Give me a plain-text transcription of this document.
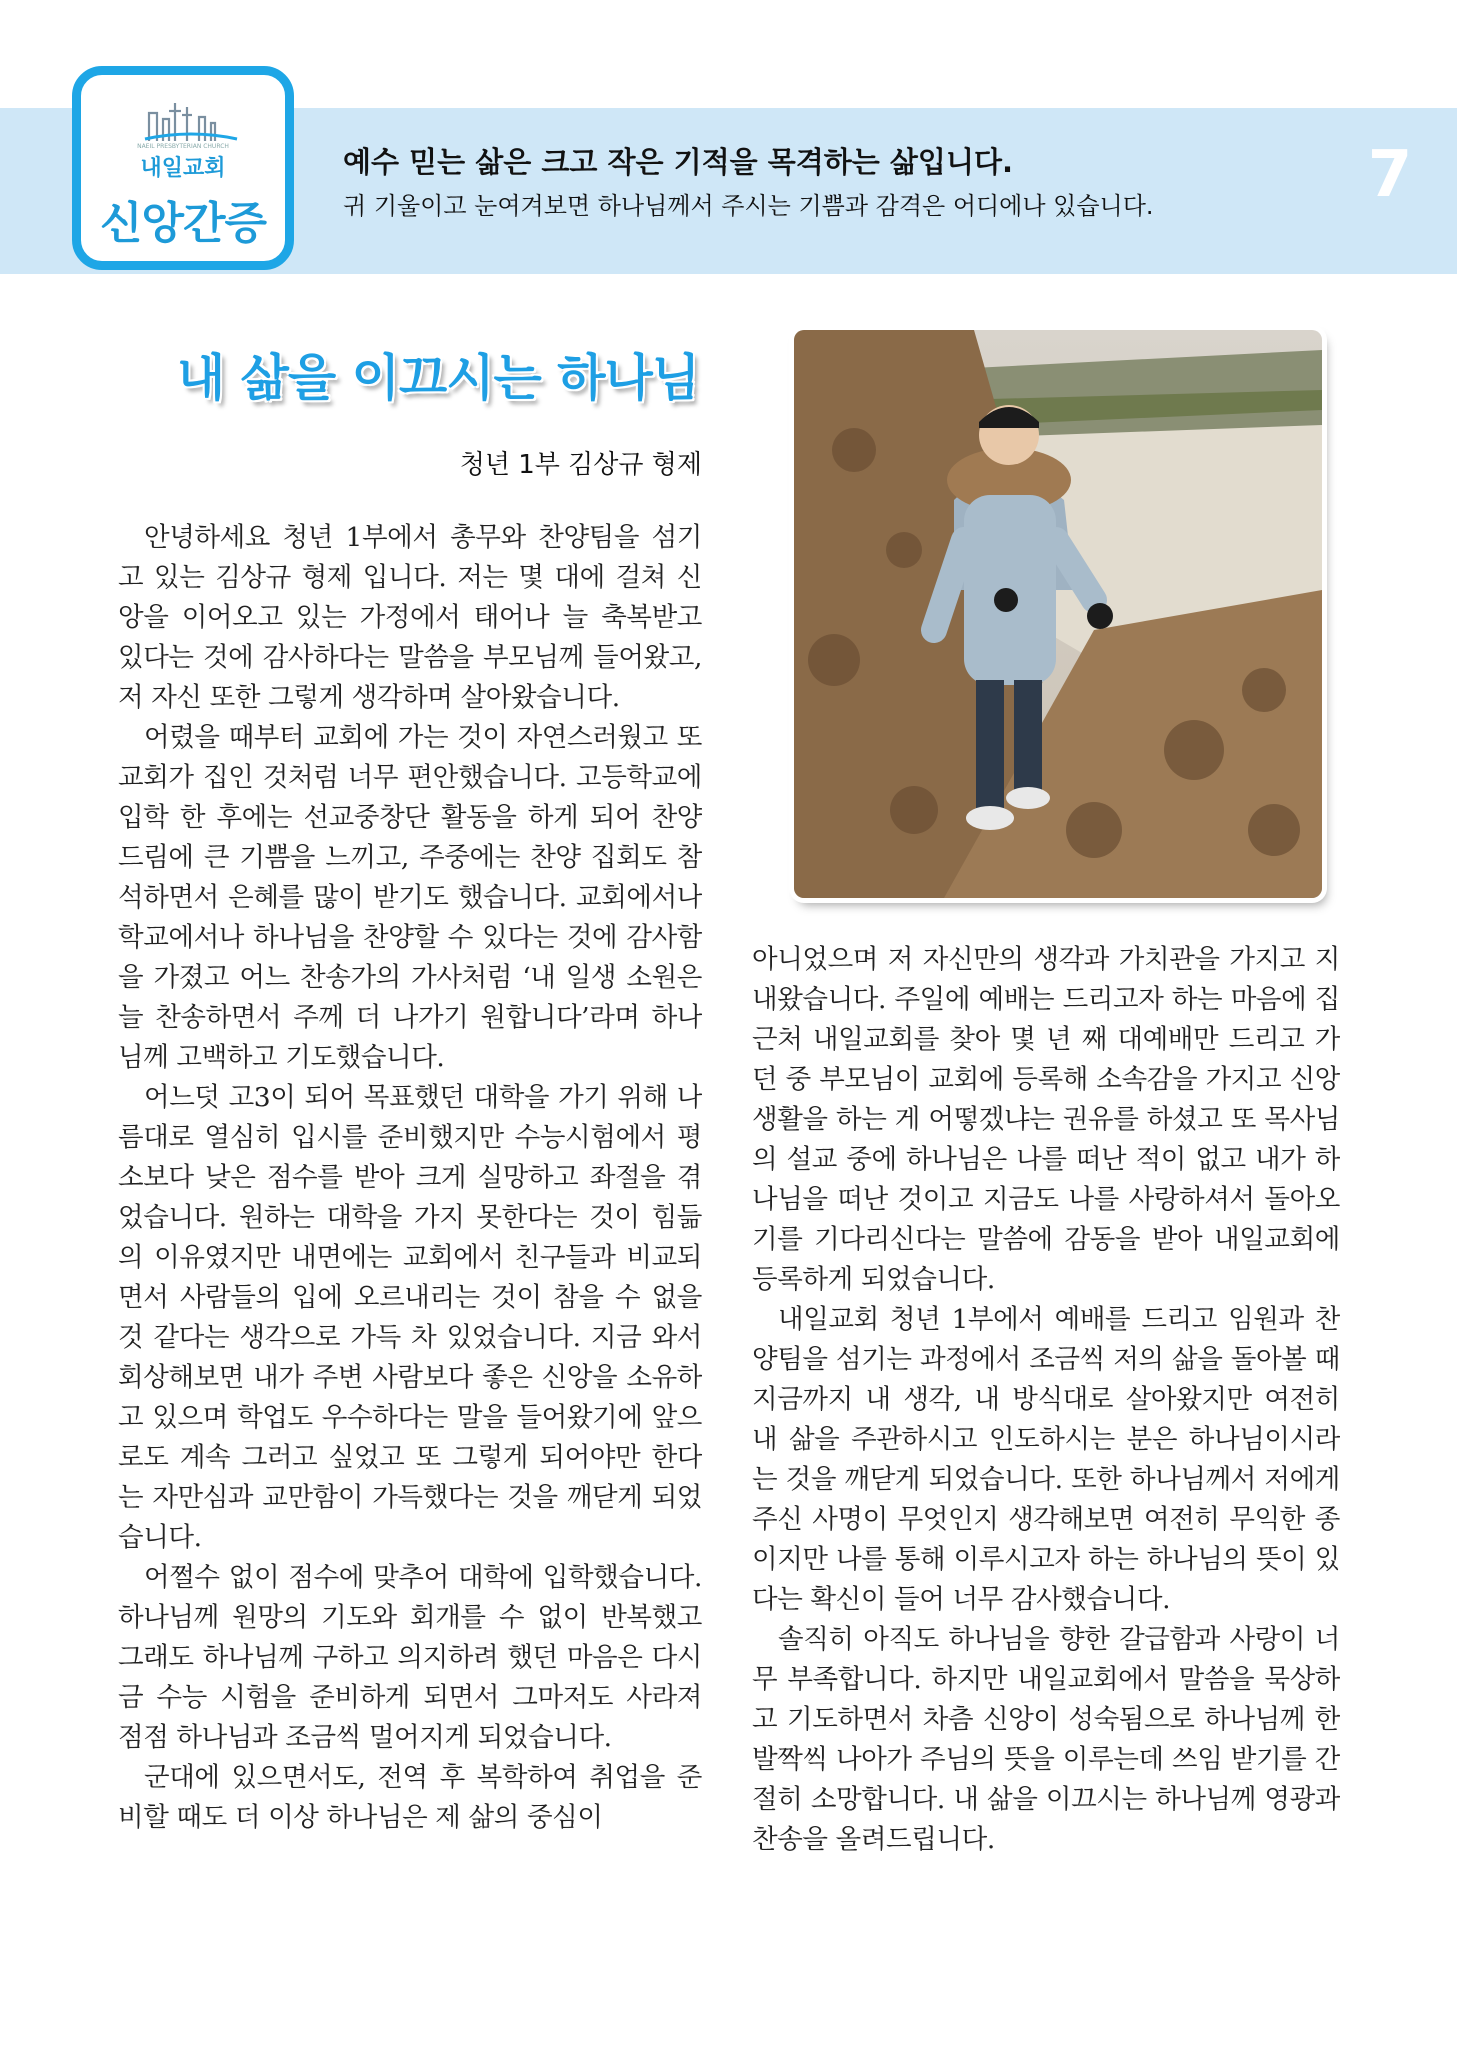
NAEIL PRESBYTERIAN CHURCH
내일교회
신앙간증
예수 믿는 삶은 크고 작은 기적을 목격하는 삶입니다.
귀 기울이고 눈여겨보면 하나님께서 주시는 기쁨과 감격은 어디에나 있습니다.	7
내 삶을 이끄시는 하나님
청년 1부 김상규 형제

안녕하세요 청년 1부에서 총무와 찬양팀을 섬기고 있는 김상규 형제 입니다. 저는 몇 대에 걸쳐 신앙을 이어오고 있는 가정에서 태어나 늘 축복받고 있다는 것에 감사하다는 말씀을 부모님께 들어왔고, 저 자신 또한 그렇게 생각하며 살아왔습니다.

어렸을 때부터 교회에 가는 것이 자연스러웠고 또 교회가 집인 것처럼 너무 편안했습니다. 고등학교에 입학 한 후에는 선교중창단 활동을 하게 되어 찬양 드림에 큰 기쁨을 느끼고, 주중에는 찬양 집회도 참석하면서 은혜를 많이 받기도 했습니다. 교회에서나 학교에서나 하나님을 찬양할 수 있다는 것에 감사함을 가졌고 어느 찬송가의 가사처럼 ‘내 일생 소원은 늘 찬송하면서 주께 더 나가기 원합니다’라며 하나님께 고백하고 기도했습니다.

어느덧 고3이 되어 목표했던 대학을 가기 위해 나름대로 열심히 입시를 준비했지만 수능시험에서 평소보다 낮은 점수를 받아 크게 실망하고 좌절을 겪었습니다. 원하는 대학을 가지 못한다는 것이 힘듦의 이유였지만 내면에는 교회에서 친구들과 비교되면서 사람들의 입에 오르내리는 것이 참을 수 없을 것 같다는 생각으로 가득 차 있었습니다. 지금 와서 회상해보면 내가 주변 사람보다 좋은 신앙을 소유하고 있으며 학업도 우수하다는 말을 들어왔기에 앞으로도 계속 그러고 싶었고 또 그렇게 되어야만 한다는 자만심과 교만함이 가득했다는 것을 깨닫게 되었습니다.

어쩔수 없이 점수에 맞추어 대학에 입학했습니다. 하나님께 원망의 기도와 회개를 수 없이 반복했고 그래도 하나님께 구하고 의지하려 했던 마음은 다시금 수능 시험을 준비하게 되면서 그마저도 사라져 점점 하나님과 조금씩 멀어지게 되었습니다.

군대에 있으면서도, 전역 후 복학하여 취업을 준비할 때도 더 이상 하나님은 제 삶의 중심이

아니었으며 저 자신만의 생각과 가치관을 가지고 지내왔습니다. 주일에 예배는 드리고자 하는 마음에 집 근처 내일교회를 찾아 몇 년 째 대예배만 드리고 가던 중 부모님이 교회에 등록해 소속감을 가지고 신앙생활을 하는 게 어떻겠냐는 권유를 하셨고 또 목사님의 설교 중에 하나님은 나를 떠난 적이 없고 내가 하나님을 떠난 것이고 지금도 나를 사랑하셔서 돌아오기를 기다리신다는 말씀에 감동을 받아 내일교회에 등록하게 되었습니다.

내일교회 청년 1부에서 예배를 드리고 임원과 찬양팀을 섬기는 과정에서 조금씩 저의 삶을 돌아볼 때 지금까지 내 생각, 내 방식대로 살아왔지만 여전히 내 삶을 주관하시고 인도하시는 분은 하나님이시라는 것을 깨닫게 되었습니다. 또한 하나님께서 저에게 주신 사명이 무엇인지 생각해보면 여전히 무익한 종이지만 나를 통해 이루시고자 하는 하나님의 뜻이 있다는 확신이 들어 너무 감사했습니다.

솔직히 아직도 하나님을 향한 갈급함과 사랑이 너무 부족합니다. 하지만 내일교회에서 말씀을 묵상하고 기도하면서 차츰 신앙이 성숙됨으로 하나님께 한 발짝씩 나아가 주님의 뜻을 이루는데 쓰임 받기를 간절히 소망합니다. 내 삶을 이끄시는 하나님께 영광과 찬송을 올려드립니다.
